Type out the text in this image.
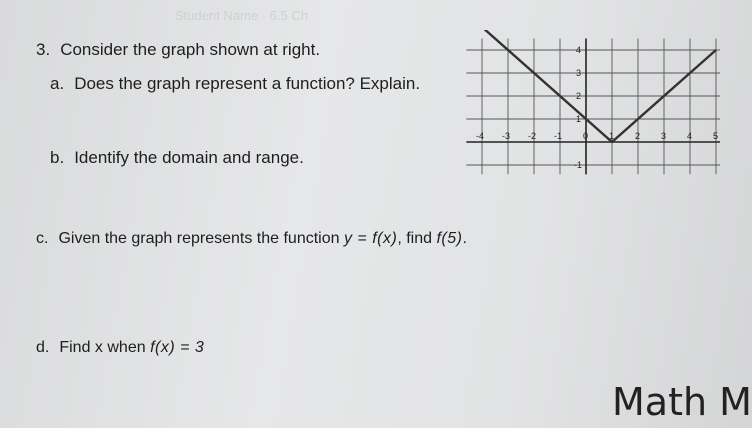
Student Name · 6.5 Ch
3. Consider the graph shown at right.
a. Does the graph represent a function? Explain.
b. Identify the domain and range.
c. Given the graph represents the function y = f(x), find f(5).
d. Find x when f(x) = 3
-4 -3 -2 -1 0 1 2 3 4 5
4
3
2
1
-1
Math M
